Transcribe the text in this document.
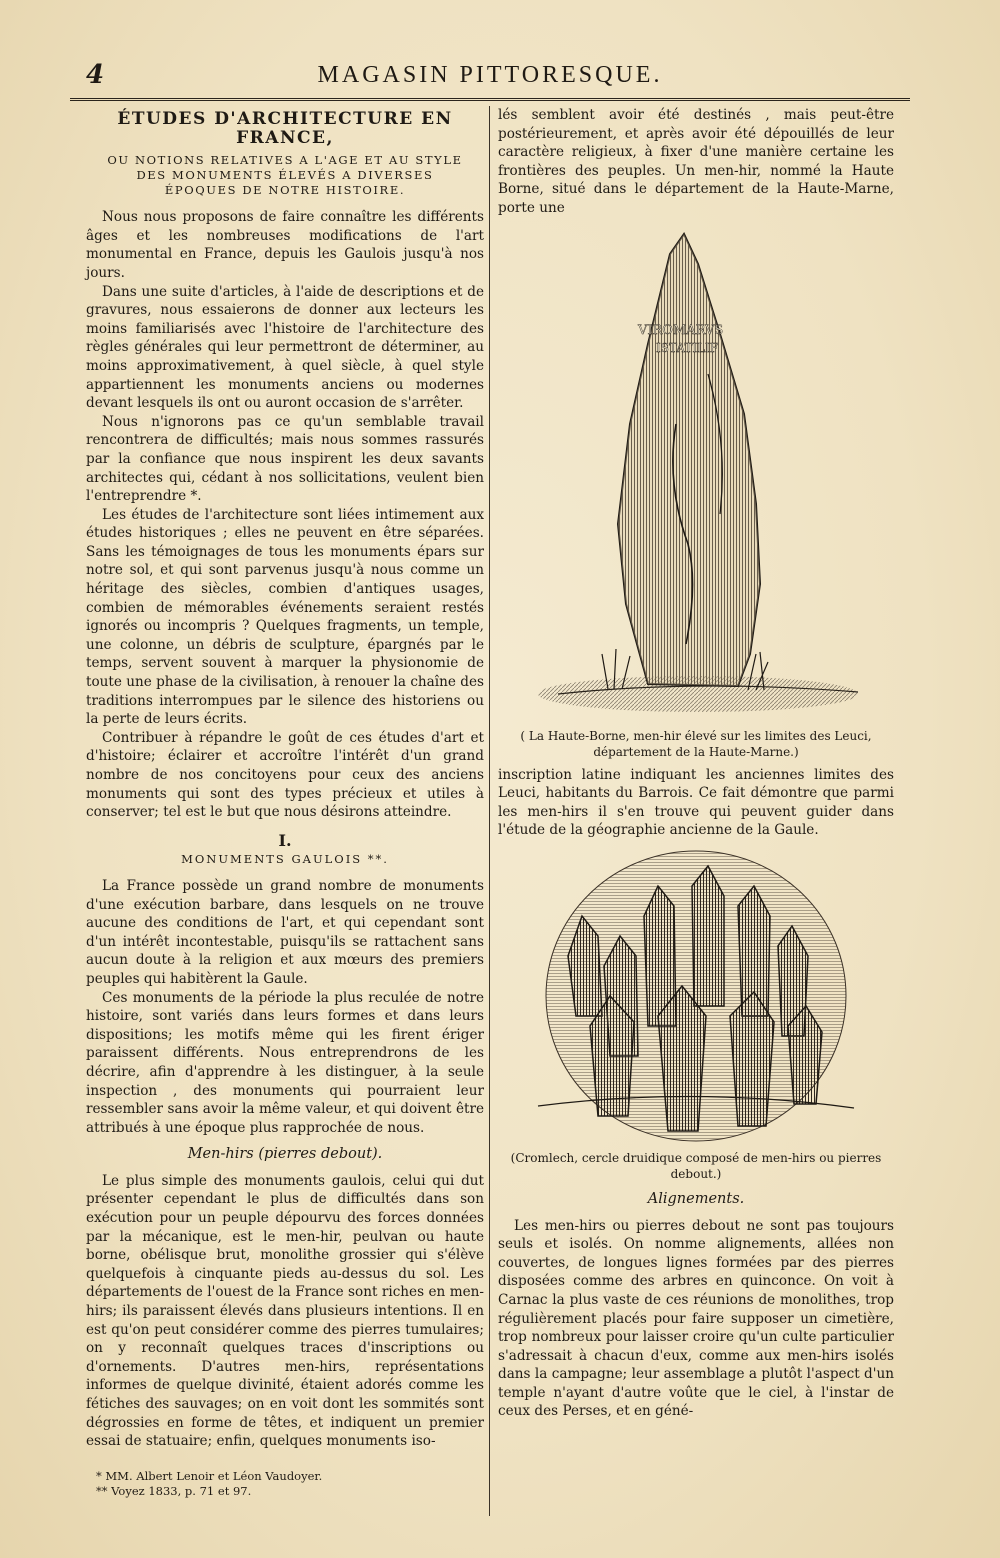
4	MAGASIN PITTORESQUE.
ÉTUDES D'ARCHITECTURE EN FRANCE,
OU NOTIONS RELATIVES A L'AGE ET AU STYLE DES MONUMENTS ÉLEVÉS A DIVERSES ÉPOQUES DE NOTRE HISTOIRE.

Nous nous proposons de faire connaître les différents âges et les nombreuses modifications de l'art monumental en France, depuis les Gaulois jusqu'à nos jours.

Dans une suite d'articles, à l'aide de descriptions et de gravures, nous essaierons de donner aux lecteurs les moins familiarisés avec l'histoire de l'architecture des règles générales qui leur permettront de déterminer, au moins approximativement, à quel siècle, à quel style appartiennent les monuments anciens ou modernes devant lesquels ils ont ou auront occasion de s'arrêter.

Nous n'ignorons pas ce qu'un semblable travail rencontrera de difficultés; mais nous sommes rassurés par la confiance que nous inspirent les deux savants architectes qui, cédant à nos sollicitations, veulent bien l'entreprendre *.

Les études de l'architecture sont liées intimement aux études historiques ; elles ne peuvent en être séparées. Sans les témoignages de tous les monuments épars sur notre sol, et qui sont parvenus jusqu'à nous comme un héritage des siècles, combien d'antiques usages, combien de mémorables événements seraient restés ignorés ou incompris ? Quelques fragments, un temple, une colonne, un débris de sculpture, épargnés par le temps, servent souvent à marquer la physionomie de toute une phase de la civilisation, à renouer la chaîne des traditions interrompues par le silence des historiens ou la perte de leurs écrits.

Contribuer à répandre le goût de ces études d'art et d'histoire; éclairer et accroître l'intérêt d'un grand nombre de nos concitoyens pour ceux des anciens monuments qui sont des types précieux et utiles à conserver; tel est le but que nous désirons atteindre.

I.
MONUMENTS GAULOIS **.

La France possède un grand nombre de monuments d'une exécution barbare, dans lesquels on ne trouve aucune des conditions de l'art, et qui cependant sont d'un intérêt incontestable, puisqu'ils se rattachent sans aucun doute à la religion et aux mœurs des premiers peuples qui habitèrent la Gaule.

Ces monuments de la période la plus reculée de notre histoire, sont variés dans leurs formes et dans leurs dispositions; les motifs même qui les firent ériger paraissent différents. Nous entreprendrons de les décrire, afin d'apprendre à les distinguer, à la seule inspection , des monuments qui pourraient leur ressembler sans avoir la même valeur, et qui doivent être attribués à une époque plus rapprochée de nous.

Men-hirs (pierres debout).

Le plus simple des monuments gaulois, celui qui dut présenter cependant le plus de difficultés dans son exécution pour un peuple dépourvu des forces données par la mécanique, est le men-hir, peulvan ou haute borne, obélisque brut, monolithe grossier qui s'élève quelquefois à cinquante pieds au-dessus du sol. Les départements de l'ouest de la France sont riches en men-hirs; ils paraissent élevés dans plusieurs intentions. Il en est qu'on peut considérer comme des pierres tumulaires; on y reconnaît quelques traces d'inscriptions ou d'ornements. D'autres men-hirs, représentations informes de quelque divinité, étaient adorés comme les fétiches des sauvages; on en voit dont les sommités sont dégrossies en forme de têtes, et indiquent un premier essai de statuaire; enfin, quelques monuments iso-

* MM. Albert Lenoir et Léon Vaudoyer.
** Voyez 1833, p. 71 et 97.

lés semblent avoir été destinés , mais peut-être postérieurement, et après avoir été dépouillés de leur caractère religieux, à fixer d'une manière certaine les frontières des peuples. Un men-hir, nommé la Haute Borne, situé dans le département de la Haute-Marne, porte une

VIROMARVS
ISTATILIF
( La Haute-Borne, men-hir élevé sur les limites des Leuci, département de la Haute-Marne.)

inscription latine indiquant les anciennes limites des Leuci, habitants du Barrois. Ce fait démontre que parmi les men-hirs il s'en trouve qui peuvent guider dans l'étude de la géographie ancienne de la Gaule.

(Cromlech, cercle druidique composé de men-hirs ou pierres debout.)
Alignements.

Les men-hirs ou pierres debout ne sont pas toujours seuls et isolés. On nomme alignements, allées non couvertes, de longues lignes formées par des pierres disposées comme des arbres en quinconce. On voit à Carnac la plus vaste de ces réunions de monolithes, trop régulièrement placés pour faire supposer un cimetière, trop nombreux pour laisser croire qu'un culte particulier s'adressait à chacun d'eux, comme aux men-hirs isolés dans la campagne; leur assemblage a plutôt l'aspect d'un temple n'ayant d'autre voûte que le ciel, à l'instar de ceux des Perses, et en géné-
